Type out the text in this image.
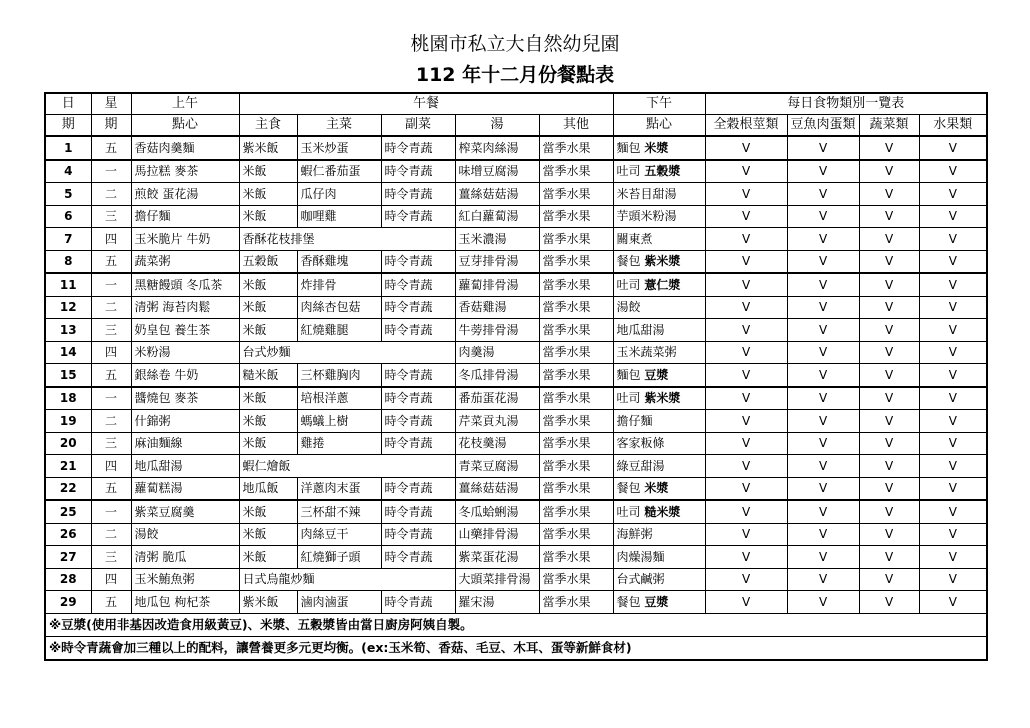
桃園市私立大自然幼兒園
112 年十二月份餐點表
日	星	上午	午餐					下午	每日食物類別一覽表			
期	期	點心	主食	主菜	副菜	湯	其他	點心	全穀根莖類	豆魚肉蛋類	蔬菜類	水果類
1	五	香菇肉羹麵	紫米飯	玉米炒蛋	時令青蔬	榨菜肉絲湯	當季水果	麵包 米漿	V	V	V	V
4	一	馬拉糕 麥茶	米飯	蝦仁番茄蛋	時令青蔬	味增豆腐湯	當季水果	吐司 五穀漿	V	V	V	V
5	二	煎餃 蛋花湯	米飯	瓜仔肉	時令青蔬	薑絲菇菇湯	當季水果	米苔目甜湯	V	V	V	V
6	三	擔仔麵	米飯	咖哩雞	時令青蔬	紅白蘿蔔湯	當季水果	芋頭米粉湯	V	V	V	V
7	四	玉米脆片 牛奶	香酥花枝排堡			玉米濃湯	當季水果	關東煮	V	V	V	V
8	五	蔬菜粥	五穀飯	香酥雞塊	時令青蔬	豆芽排骨湯	當季水果	餐包 紫米漿	V	V	V	V
11	一	黑糖饅頭 冬瓜茶	米飯	炸排骨	時令青蔬	蘿蔔排骨湯	當季水果	吐司 薏仁漿	V	V	V	V
12	二	清粥 海苔肉鬆	米飯	肉絲杏包菇	時令青蔬	香菇雞湯	當季水果	湯餃	V	V	V	V
13	三	奶皇包 養生茶	米飯	紅燒雞腿	時令青蔬	牛蒡排骨湯	當季水果	地瓜甜湯	V	V	V	V
14	四	米粉湯	台式炒麵			肉羹湯	當季水果	玉米蔬菜粥	V	V	V	V
15	五	銀絲卷 牛奶	糙米飯	三杯雞胸肉	時令青蔬	冬瓜排骨湯	當季水果	麵包 豆漿	V	V	V	V
18	一	醬燒包 麥茶	米飯	培根洋蔥	時令青蔬	番茄蛋花湯	當季水果	吐司 紫米漿	V	V	V	V
19	二	什錦粥	米飯	螞蟻上樹	時令青蔬	芹菜貢丸湯	當季水果	擔仔麵	V	V	V	V
20	三	麻油麵線	米飯	雞捲	時令青蔬	花枝羹湯	當季水果	客家粄條	V	V	V	V
21	四	地瓜甜湯	蝦仁燴飯			青菜豆腐湯	當季水果	綠豆甜湯	V	V	V	V
22	五	蘿蔔糕湯	地瓜飯	洋蔥肉末蛋	時令青蔬	薑絲菇菇湯	當季水果	餐包 米漿	V	V	V	V
25	一	紫菜豆腐羹	米飯	三杯甜不辣	時令青蔬	冬瓜蛤蜊湯	當季水果	吐司 糙米漿	V	V	V	V
26	二	湯餃	米飯	肉絲豆干	時令青蔬	山藥排骨湯	當季水果	海鮮粥	V	V	V	V
27	三	清粥 脆瓜	米飯	紅燒獅子頭	時令青蔬	紫菜蛋花湯	當季水果	肉燥湯麵	V	V	V	V
28	四	玉米鮪魚粥	日式烏龍炒麵			大頭菜排骨湯	當季水果	台式鹹粥	V	V	V	V
29	五	地瓜包 枸杞茶	紫米飯	滷肉滷蛋	時令青蔬	羅宋湯	當季水果	餐包 豆漿	V	V	V	V
※豆漿(使用非基因改造食用級黃豆)、米漿、五穀漿皆由當日廚房阿姨自製。												
※時令青蔬會加三種以上的配料，讓營養更多元更均衡。(ex:玉米筍、香菇、毛豆、木耳、蛋等新鮮食材)												
